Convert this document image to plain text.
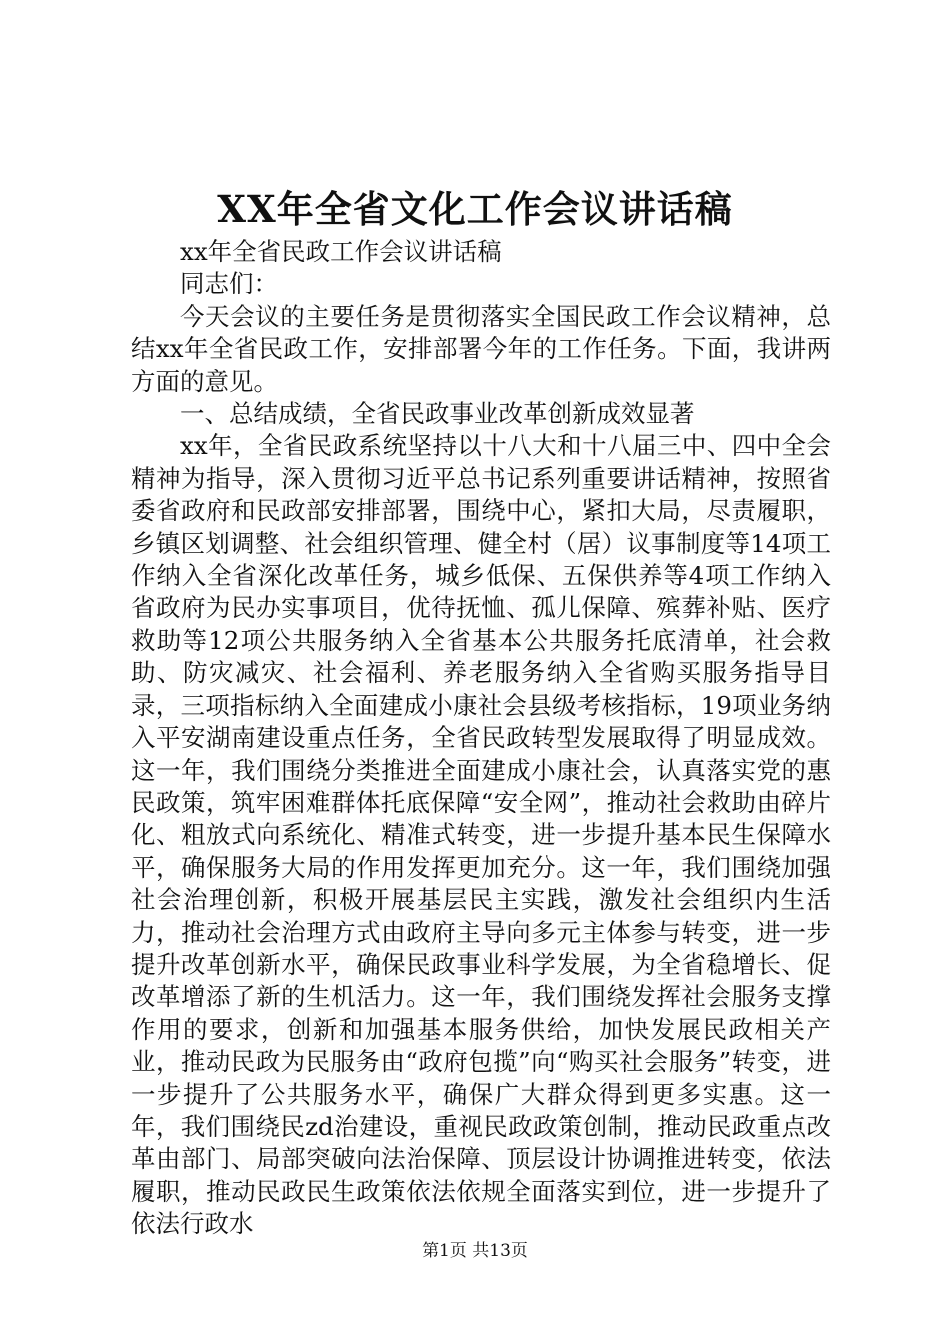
XX年全省文化工作会议讲话稿

xx年全省民政工作会议讲话稿

同志们：

今天会议的主要任务是贯彻落实全国民政工作会议精神，总结xx年全省民政工作，安排部署今年的工作任务。下面，我讲两方面的意见。

一、总结成绩，全省民政事业改革创新成效显著

xx年，全省民政系统坚持以十八大和十八届三中、四中全会精神为指导，深入贯彻习近平总书记系列重要讲话精神，按照省委省政府和民政部安排部署，围绕中心，紧扣大局，尽责履职，乡镇区划调整、社会组织管理、健全村（居）议事制度等14项工作纳入全省深化改革任务，城乡低保、五保供养等4项工作纳入省政府为民办实事项目，优待抚恤、孤儿保障、殡葬补贴、医疗救助等12项公共服务纳入全省基本公共服务托底清单，社会救助、防灾减灾、社会福利、养老服务纳入全省购买服务指导目录，三项指标纳入全面建成小康社会县级考核指标，19项业务纳入平安湖南建设重点任务，全省民政转型发展取得了明显成效。这一年，我们围绕分类推进全面建成小康社会，认真落实党的惠民政策，筑牢困难群体托底保障“安全网”，推动社会救助由碎片化、粗放式向系统化、精准式转变，进一步提升基本民生保障水平，确保服务大局的作用发挥更加充分。这一年，我们围绕加强社会治理创新，积极开展基层民主实践，激发社会组织内生活力，推动社会治理方式由政府主导向多元主体参与转变，进一步提升改革创新水平，确保民政事业科学发展，为全省稳增长、促改革增添了新的生机活力。这一年，我们围绕发挥社会服务支撑作用的要求，创新和加强基本服务供给，加快发展民政相关产业，推动民政为民服务由“政府包揽”向“购买社会服务”转变，进一步提升了公共服务水平，确保广大群众得到更多实惠。这一年，我们围绕民zd治建设，重视民政政策创制，推动民政重点改革由部门、局部突破向法治保障、顶层设计协调推进转变，依法履职，推动民政民生政策依法依规全面落实到位，进一步提升了依法行政水

第1页 共13页
